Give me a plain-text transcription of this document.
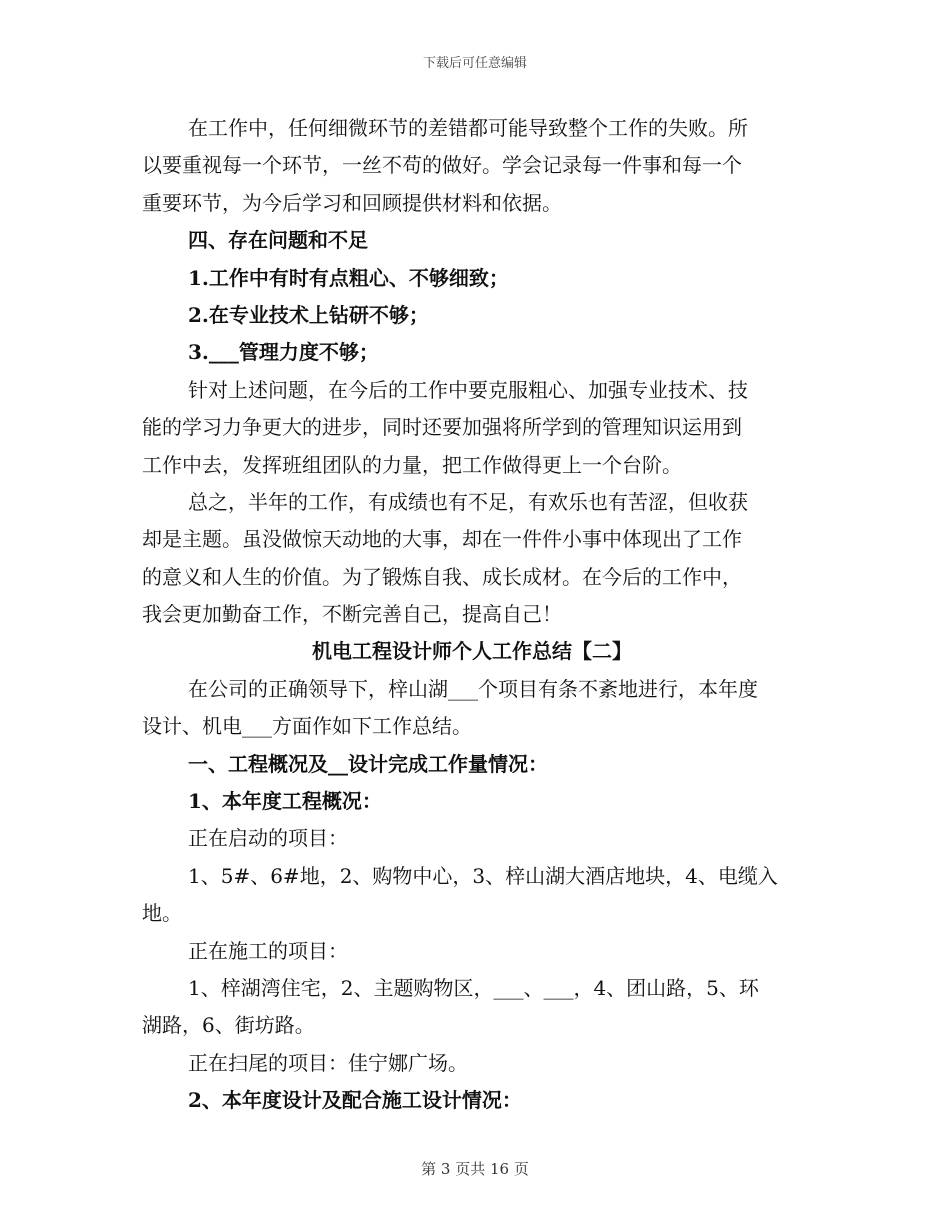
下载后可任意编辑
在工作中，任何细微环节的差错都可能导致整个工作的失败。所
以要重视每一个环节，一丝不苟的做好。学会记录每一件事和每一个
重要环节，为今后学习和回顾提供材料和依据。
四、存在问题和不足
1.工作中有时有点粗心、不够细致；
2.在专业技术上钻研不够；
3.___管理力度不够；
针对上述问题，在今后的工作中要克服粗心、加强专业技术、技
能的学习力争更大的进步，同时还要加强将所学到的管理知识运用到
工作中去，发挥班组团队的力量，把工作做得更上一个台阶。
总之，半年的工作，有成绩也有不足，有欢乐也有苦涩，但收获
却是主题。虽没做惊天动地的大事，却在一件件小事中体现出了工作
的意义和人生的价值。为了锻炼自我、成长成材。在今后的工作中，
我会更加勤奋工作，不断完善自己，提高自己！
机电工程设计师个人工作总结【二】
在公司的正确领导下，梓山湖___个项目有条不紊地进行，本年度
设计、机电___方面作如下工作总结。
一、工程概况及__设计完成工作量情况：
1、本年度工程概况：
正在启动的项目：
1、5#、6#地，2、购物中心，3、梓山湖大酒店地块，4、电缆入
地。
正在施工的项目：
1、梓湖湾住宅，2、主题购物区，___、___，4、团山路，5、环
湖路，6、街坊路。
正在扫尾的项目：佳宁娜广场。
2、本年度设计及配合施工设计情况：
第 3 页共 16 页
